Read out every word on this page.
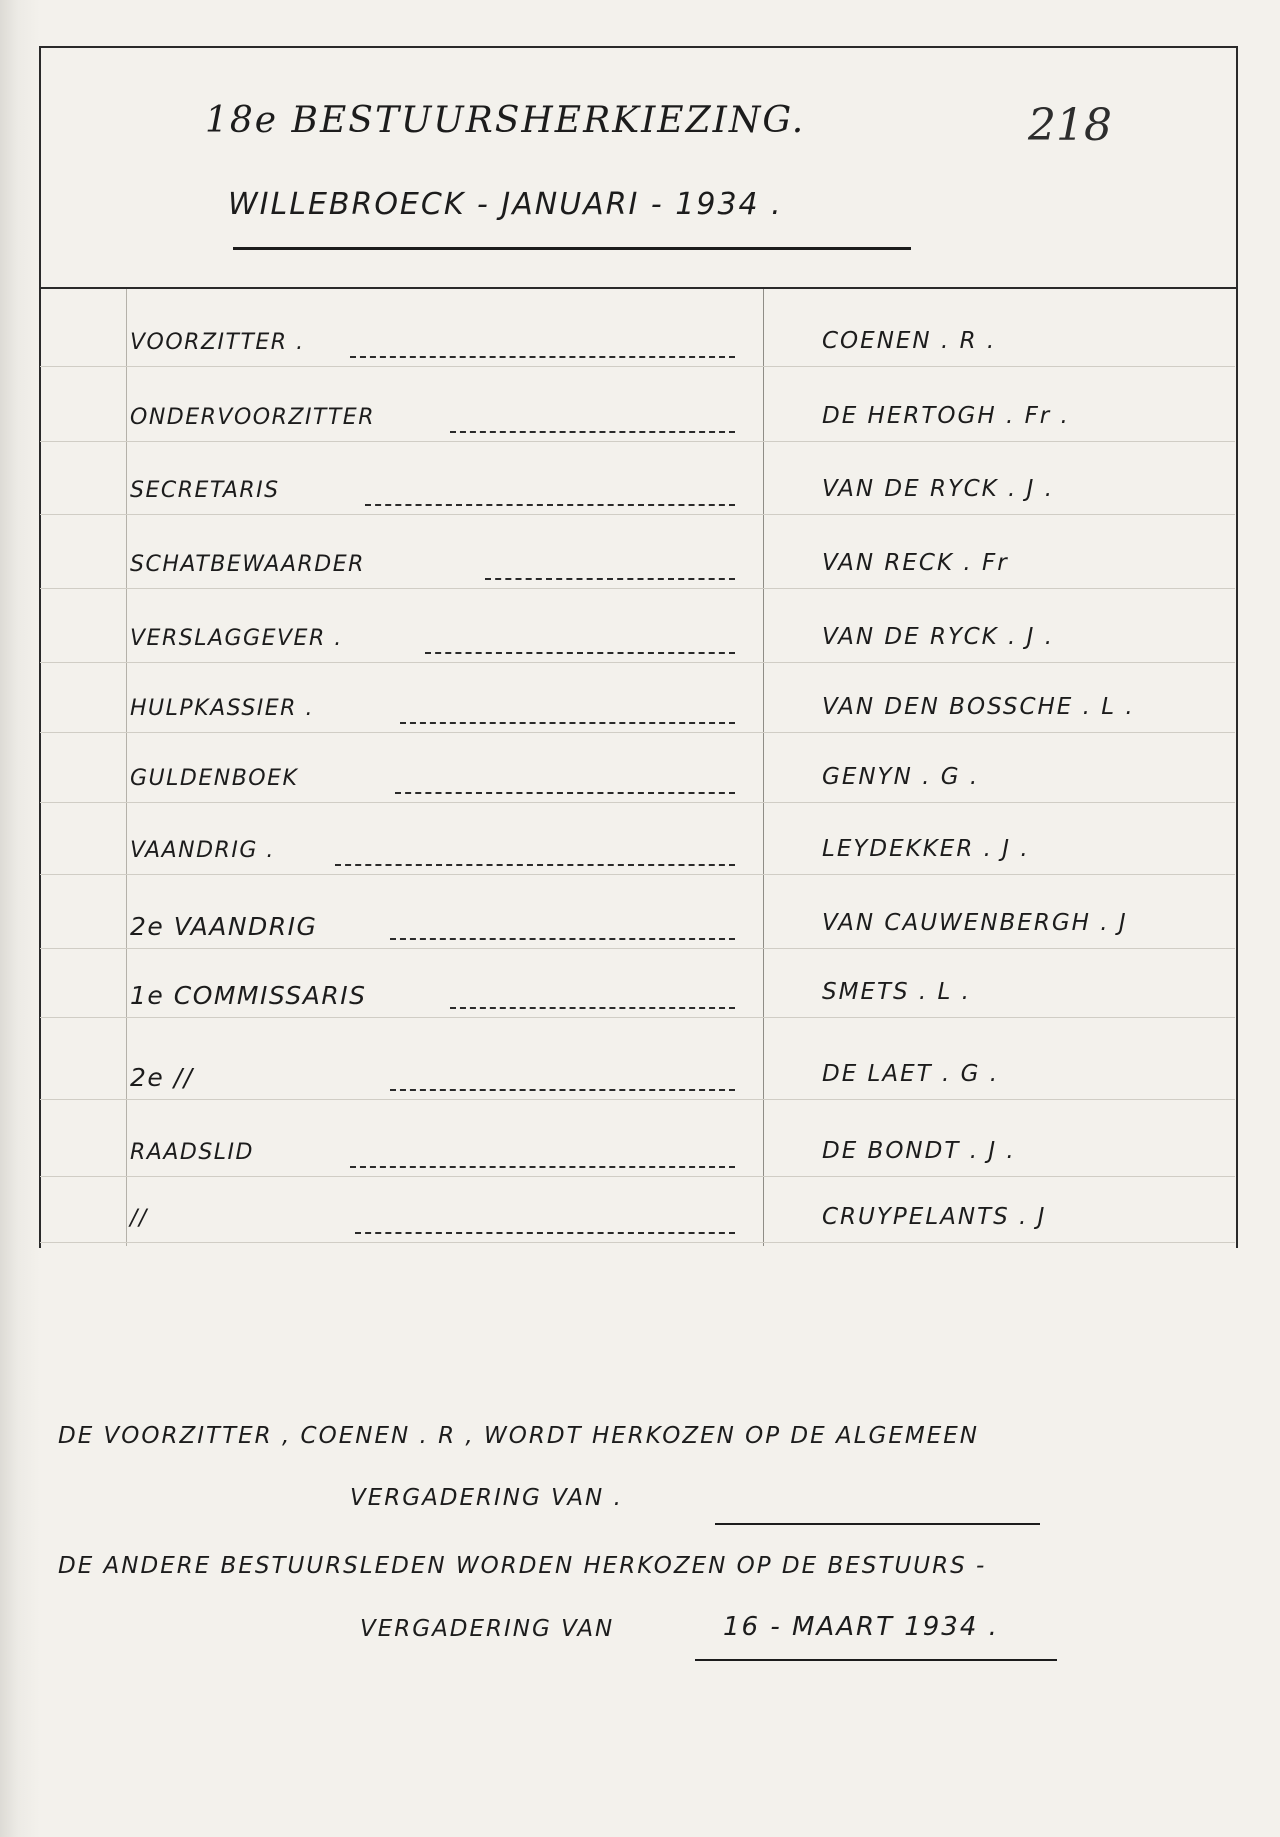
18e BESTUURSHERKIEZING.	218
WILLEBROECK - JANUARI - 1934 .
VOORZITTER .	COENEN . R .
ONDERVOORZITTER	DE HERTOGH . Fr .
SECRETARIS	VAN DE RYCK . J .
SCHATBEWAARDER	VAN RECK . Fr
VERSLAGGEVER .	VAN DE RYCK . J .
HULPKASSIER .	VAN DEN BOSSCHE . L .
GULDENBOEK	GENYN . G .
VAANDRIG .	LEYDEKKER . J .
2e VAANDRIG	VAN CAUWENBERGH . J
1e COMMISSARIS	SMETS . L .
2e //	DE LAET . G .
RAADSLID	DE BONDT . J .
//	CRUYPELANTS . J
DE VOORZITTER , COENEN . R , WORDT HERKOZEN OP DE ALGEMEEN
VERGADERING VAN .
DE ANDERE BESTUURSLEDEN WORDEN HERKOZEN OP DE BESTUURS -
VERGADERING VAN	16 - MAART 1934 .
